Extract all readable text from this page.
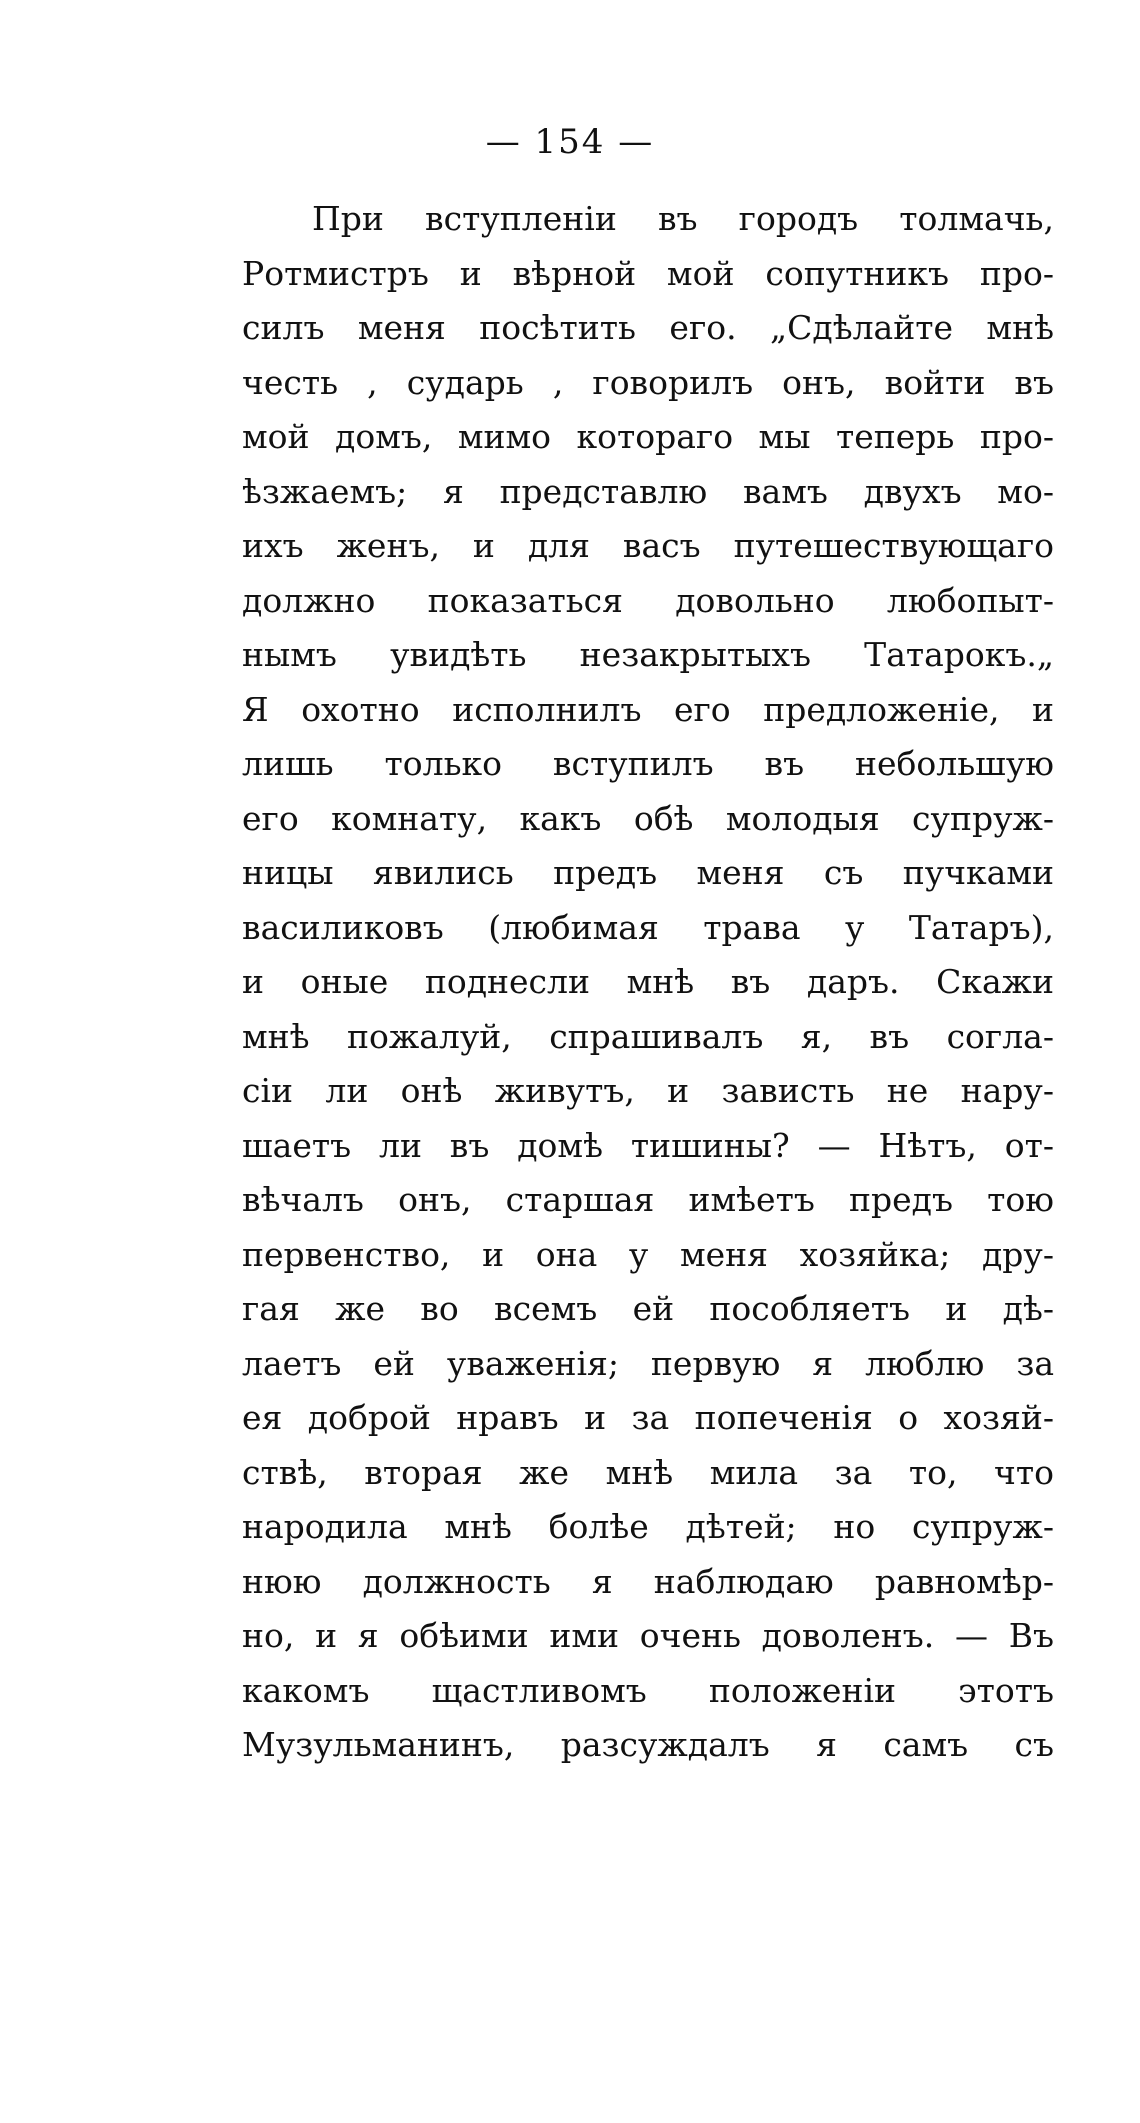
— 154 —
При вступленіи въ городъ толмачь,
Ротмистръ и вѣрной мой сопутникъ про-
силъ меня посѣтить его. „Сдѣлайте мнѣ
честь , сударь , говорилъ онъ, войти въ
мой домъ, мимо котораго мы теперь про-
ѣзжаемъ; я представлю вамъ двухъ мо-
ихъ женъ, и для васъ путешествующаго
должно показаться довольно любопыт-
нымъ увидѣть незакрытыхъ Татарокъ.„
Я охотно исполнилъ его предложеніе, и
лишь только вступилъ въ небольшую
его комнату, какъ обѣ молодыя супруж-
ницы явились предъ меня съ пучками
василиковъ (любимая трава у Татаръ),
и оные поднесли мнѣ въ даръ. Скажи
мнѣ пожалуй, спрашивалъ я, въ согла-
сіи ли онѣ живутъ, и зависть не нару-
шаетъ ли въ домѣ тишины? — Нѣтъ, от-
вѣчалъ онъ, старшая имѣетъ предъ тою
первенство, и она у меня хозяйка; дру-
гая же во всемъ ей пособляетъ и дѣ-
лаетъ ей уваженія; первую я люблю за
ея доброй нравъ и за попеченія о хозяй-
ствѣ, вторая же мнѣ мила за то, что
народила мнѣ болѣе дѣтей; но супруж-
нюю должность я наблюдаю равномѣр-
но, и я обѣими ими очень доволенъ. — Въ
какомъ щастливомъ положеніи этотъ
Музульманинъ, разсуждалъ я самъ съ
